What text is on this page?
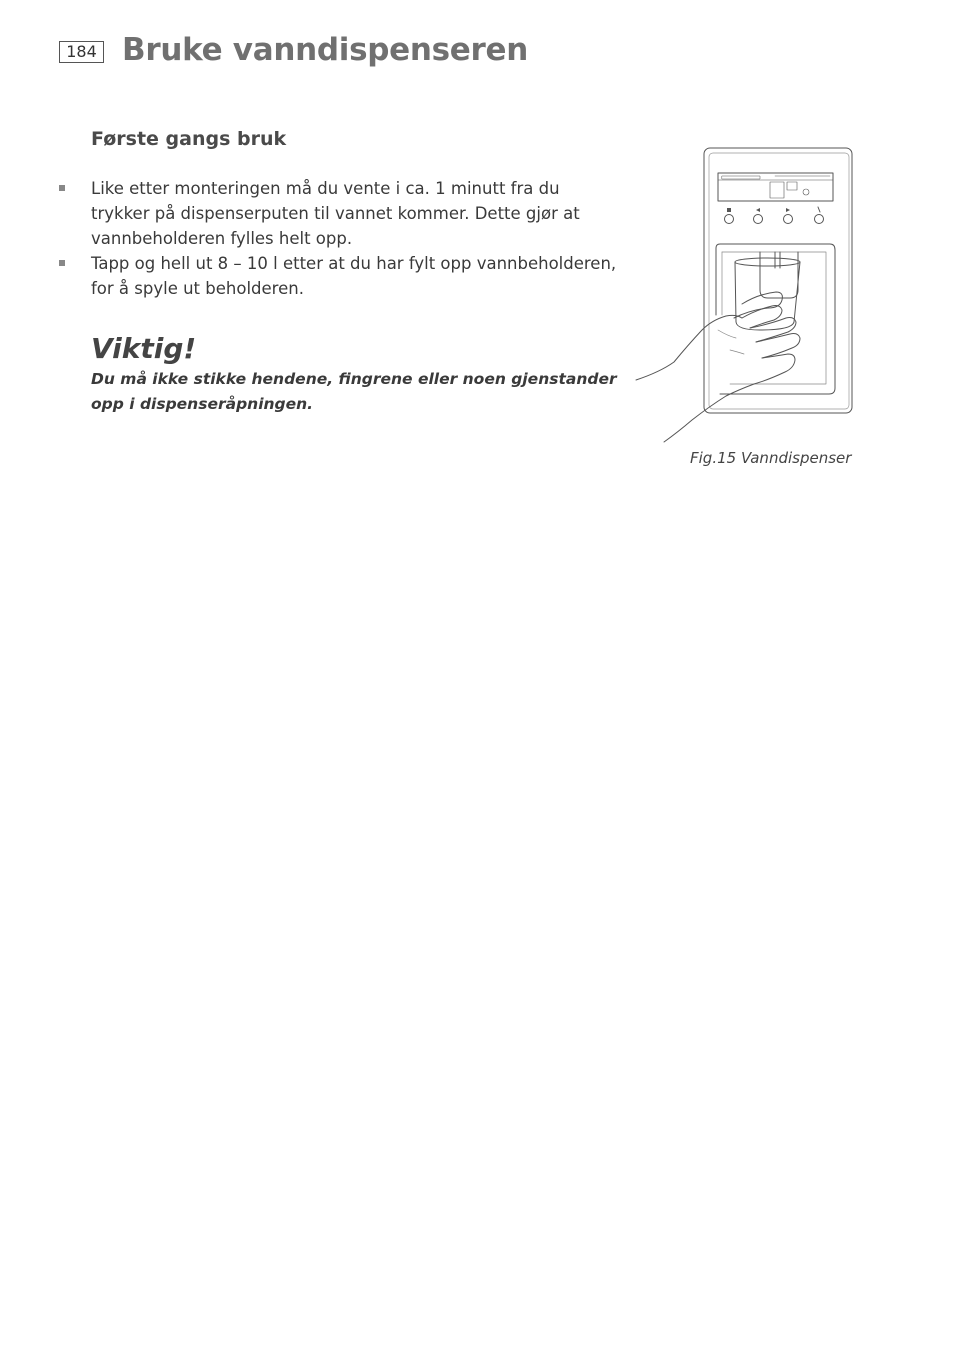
184 Bruke vanndispenseren
Første gangs bruk
Like etter monteringen må du vente i ca. 1 minutt fra du trykker på dispenserputen til vannet kommer. Dette gjør at vannbeholderen fylles helt opp.
Tapp og hell ut 8 – 10 l etter at du har fylt opp vannbeholderen, for å spyle ut beholderen.
Viktig!

Du må ikke stikke hendene, fingrene eller noen gjenstander opp i dispenseråpningen.

Fig.15 Vanndispenser
